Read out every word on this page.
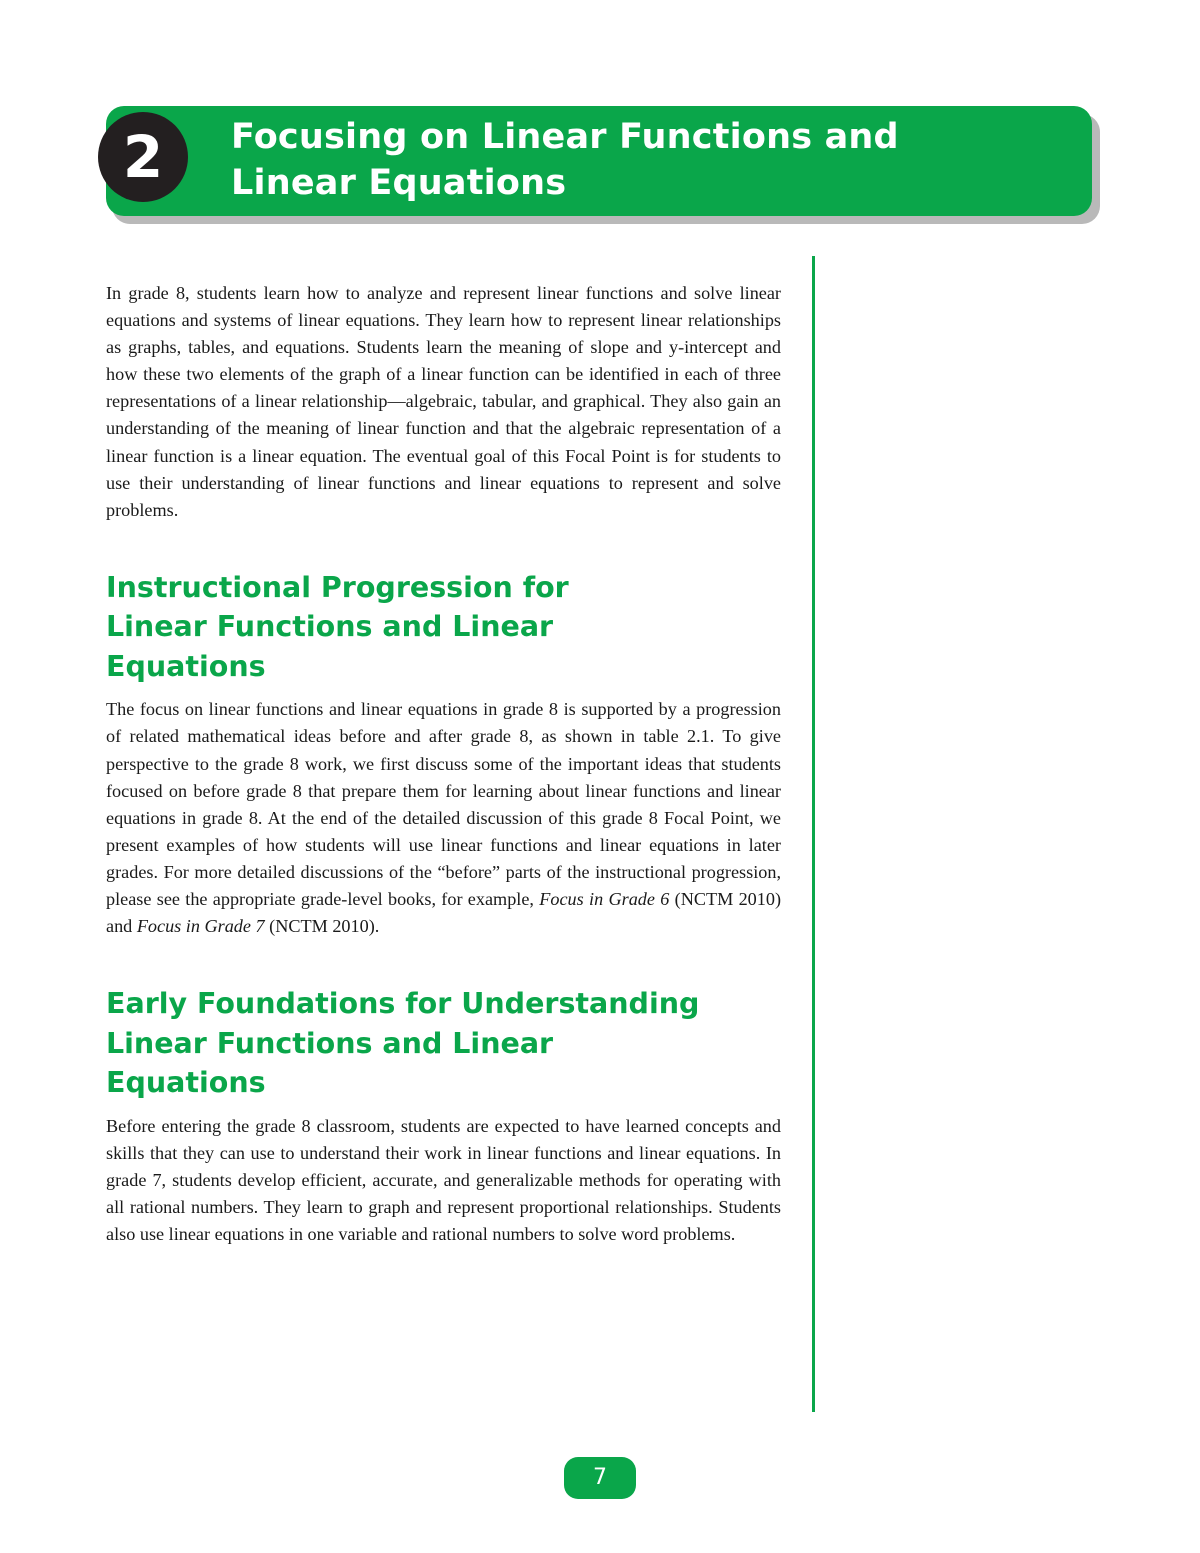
2	Focusing on Linear Functions and
Linear Equations

In grade 8, students learn how to analyze and represent linear functions and solve linear equations and systems of linear equations. They learn how to represent linear relationships as graphs, tables, and equations. Students learn the meaning of slope and y-intercept and how these two elements of the graph of a linear function can be identified in each of three representations of a linear relationship—algebraic, tabular, and graphical. They also gain an understanding of the meaning of linear function and that the algebraic representation of a linear function is a linear equation. The eventual goal of this Focal Point is for students to use their understanding of linear functions and linear equations to represent and solve problems.

Instructional Progression for
Linear Functions and Linear
Equations

The focus on linear functions and linear equations in grade 8 is supported by a progression of related mathematical ideas before and after grade 8, as shown in table 2.1. To give perspective to the grade 8 work, we first discuss some of the important ideas that students focused on before grade 8 that prepare them for learning about linear functions and linear equations in grade 8. At the end of the detailed discussion of this grade 8 Focal Point, we present examples of how students will use linear functions and linear equations in later grades. For more detailed discussions of the “before” parts of the instructional progression, please see the appropriate grade-level books, for example, Focus in Grade 6 (NCTM 2010) and Focus in Grade 7 (NCTM 2010).

Early Foundations for Understanding
Linear Functions and Linear
Equations

Before entering the grade 8 classroom, students are expected to have learned concepts and skills that they can use to understand their work in linear functions and linear equations. In grade 7, students develop efficient, accurate, and generalizable methods for operating with all rational numbers. They learn to graph and represent proportional relationships. Students also use linear equations in one variable and rational numbers to solve word problems.

7
